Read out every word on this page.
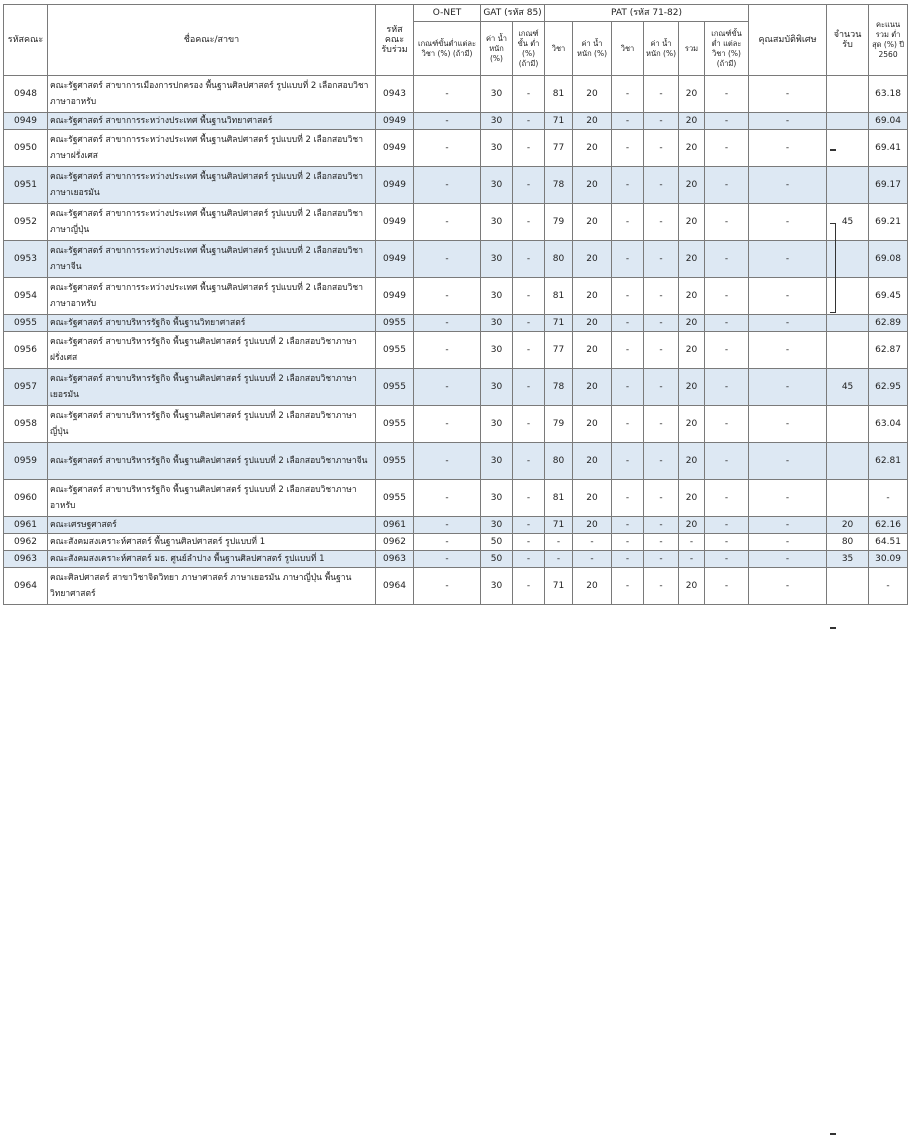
รหัสคณะ	ชื่อคณะ/สาขา	รหัสคณะ
รับร่วม	O-NET	GAT (รหัส 85)		PAT (รหัส 71-82)						คุณสมบัติพิเศษ	จำนวนรับ	คะแนนรวม ต่ำสุด (%) ปี 2560
			เกณฑ์ขั้นต่ำแต่ละวิชา (%) (ถ้ามี)	ค่า น้ำหนัก (%)	เกณฑ์ขั้น ต่ำ (%) (ถ้ามี)	วิชา	ค่า น้ำหนัก (%)	วิชา	ค่า น้ำหนัก (%)	รวม	เกณฑ์ขั้นต่ำ แต่ละวิชา (%) (ถ้ามี)			
0948	คณะรัฐศาสตร์ สาขาการเมืองการปกครอง พื้นฐานศิลปศาสตร์ รูปแบบที่ 2 เลือกสอบวิชาภาษาอาหรับ	0943	-	30	-	81	20	-	-	20	-	-		63.18
0949	คณะรัฐศาสตร์ สาขาการระหว่างประเทศ พื้นฐานวิทยาศาสตร์	0949	-	30	-	71	20	-	-	20	-	-		69.04
0950	คณะรัฐศาสตร์ สาขาการระหว่างประเทศ พื้นฐานศิลปศาสตร์ รูปแบบที่ 2 เลือกสอบวิชาภาษาฝรั่งเศส	0949	-	30	-	77	20	-	-	20	-	-		69.41
0951	คณะรัฐศาสตร์ สาขาการระหว่างประเทศ พื้นฐานศิลปศาสตร์ รูปแบบที่ 2 เลือกสอบวิชาภาษาเยอรมัน	0949	-	30	-	78	20	-	-	20	-	-		69.17
0952	คณะรัฐศาสตร์ สาขาการระหว่างประเทศ พื้นฐานศิลปศาสตร์ รูปแบบที่ 2 เลือกสอบวิชาภาษาญี่ปุ่น	0949	-	30	-	79	20	-	-	20	-	-	45	69.21
0953	คณะรัฐศาสตร์ สาขาการระหว่างประเทศ พื้นฐานศิลปศาสตร์ รูปแบบที่ 2 เลือกสอบวิชาภาษาจีน	0949	-	30	-	80	20	-	-	20	-	-		69.08
0954	คณะรัฐศาสตร์ สาขาการระหว่างประเทศ พื้นฐานศิลปศาสตร์ รูปแบบที่ 2 เลือกสอบวิชาภาษาอาหรับ	0949	-	30	-	81	20	-	-	20	-	-		69.45
0955	คณะรัฐศาสตร์ สาขาบริหารรัฐกิจ พื้นฐานวิทยาศาสตร์	0955	-	30	-	71	20	-	-	20	-	-		62.89
0956	คณะรัฐศาสตร์ สาขาบริหารรัฐกิจ พื้นฐานศิลปศาสตร์ รูปแบบที่ 2 เลือกสอบวิชาภาษาฝรั่งเศส	0955	-	30	-	77	20	-	-	20	-	-		62.87
0957	คณะรัฐศาสตร์ สาขาบริหารรัฐกิจ พื้นฐานศิลปศาสตร์ รูปแบบที่ 2 เลือกสอบวิชาภาษาเยอรมัน	0955	-	30	-	78	20	-	-	20	-	-	45	62.95
0958	คณะรัฐศาสตร์ สาขาบริหารรัฐกิจ พื้นฐานศิลปศาสตร์ รูปแบบที่ 2 เลือกสอบวิชาภาษาญี่ปุ่น	0955	-	30	-	79	20	-	-	20	-	-		63.04
0959	คณะรัฐศาสตร์ สาขาบริหารรัฐกิจ พื้นฐานศิลปศาสตร์ รูปแบบที่ 2 เลือกสอบวิชาภาษาจีน	0955	-	30	-	80	20	-	-	20	-	-		62.81
0960	คณะรัฐศาสตร์ สาขาบริหารรัฐกิจ พื้นฐานศิลปศาสตร์ รูปแบบที่ 2 เลือกสอบวิชาภาษาอาหรับ	0955	-	30	-	81	20	-	-	20	-	-		-
0961	คณะเศรษฐศาสตร์	0961	-	30	-	71	20	-	-	20	-	-	20	62.16
0962	คณะสังคมสงเคราะห์ศาสตร์ พื้นฐานศิลปศาสตร์ รูปแบบที่ 1	0962	-	50	-	-	-	-	-	-	-	-	80	64.51
0963	คณะสังคมสงเคราะห์ศาสตร์ มธ. ศูนย์ลำปาง พื้นฐานศิลปศาสตร์ รูปแบบที่ 1	0963	-	50	-	-	-	-	-	-	-	-	35	30.09
0964	คณะศิลปศาสตร์ สาขาวิชาจิตวิทยา ภาษาศาสตร์ ภาษาเยอรมัน ภาษาญี่ปุ่น พื้นฐานวิทยาศาสตร์	0964	-	30	-	71	20	-	-	20	-	-		-
